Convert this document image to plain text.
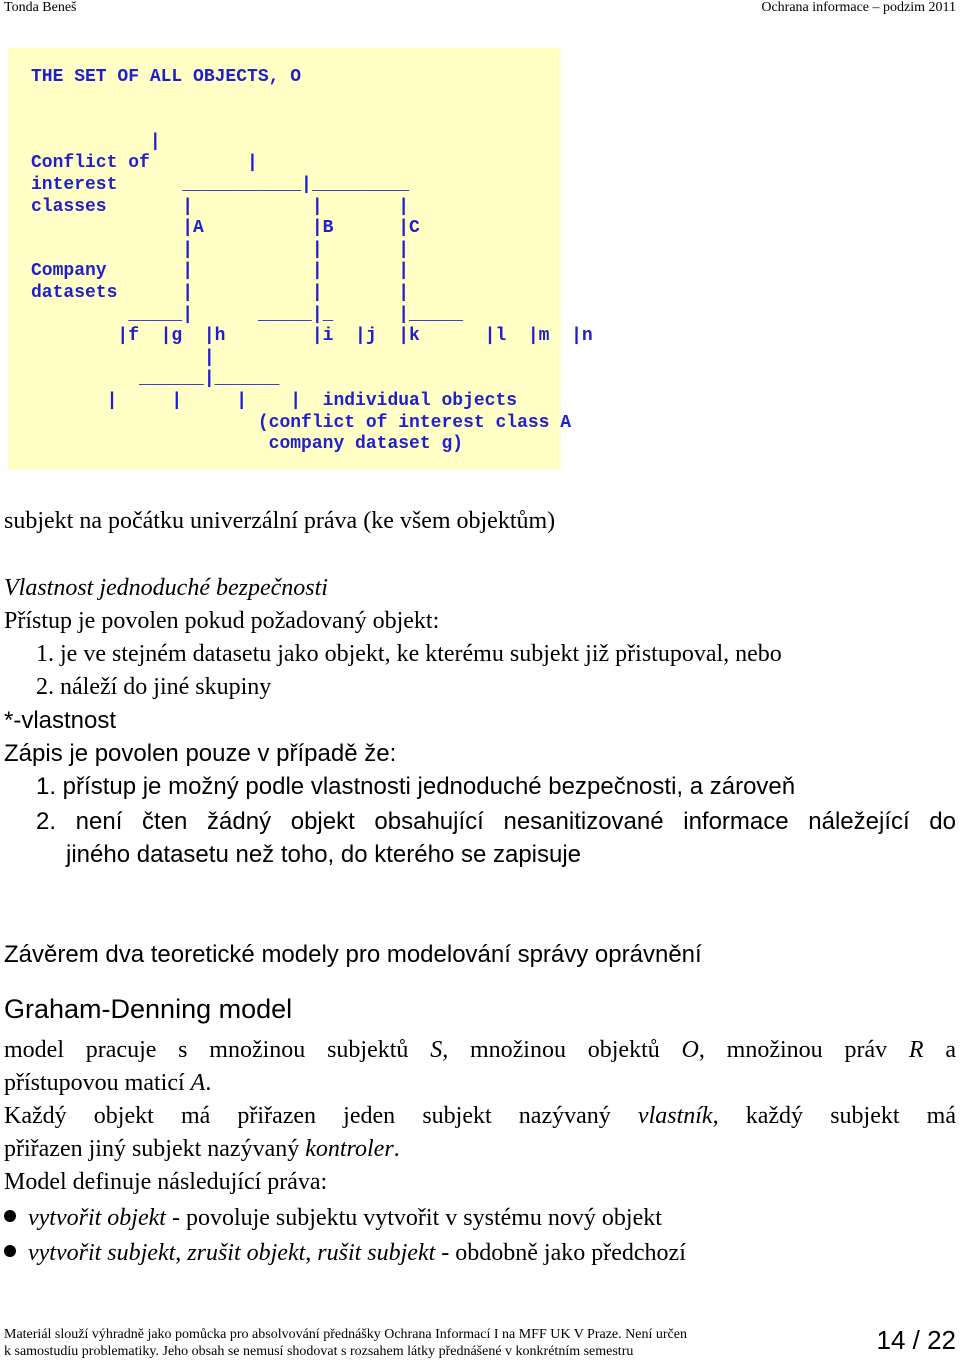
Tonda Beneš	Ochrana informace – podzim 2011
THE SET OF ALL OBJECTS, O

|
Conflict of         |
interest      ___________|_________
classes       |           |       |
|A          |B      |C
|           |       |
Company       |           |       |
datasets      |           |       |
_____|      _____|_      |_____
|f  |g  |h        |i  |j  |k      |l  |m  |n
|
______|______
|     |     |    |  individual objects
(conflict of interest class A
company dataset g)
subjekt na počátku univerzální práva (ke všem objektům)
Vlastnost jednoduché bezpečnosti
Přístup je povolen pokud požadovaný objekt:
1. je ve stejném datasetu jako objekt, ke kterému subjekt již přistupoval, nebo
2. náleží do jiné skupiny
*-vlastnost
Zápis je povolen pouze v případě že:
1. přístup je možný podle vlastnosti jednoduché bezpečnosti, a zároveň
2. není čten žádný objekt obsahující nesanitizované informace náležející do
jiného datasetu než toho, do kterého se zapisuje
Závěrem dva teoretické modely pro modelování správy oprávnění
Graham-Denning model
model pracuje s množinou subjektů S, množinou objektů O, množinou práv R a
přístupovou maticí A.
Každý objekt má přiřazen jeden subjekt nazývaný vlastník, každý subjekt má
přiřazen jiný subjekt nazývaný kontroler.
Model definuje následující práva:
vytvořit objekt - povoluje subjektu vytvořit v systému nový objekt
vytvořit subjekt, zrušit objekt, rušit subjekt - obdobně jako předchozí
Materiál slouží výhradně jako pomůcka pro absolvování přednášky Ochrana Informací I na MFF UK V Praze. Není určen
k samostudiu problematiky. Jeho obsah se nemusí shodovat s rozsahem látky přednášené v konkrétním semestru	14 / 22
